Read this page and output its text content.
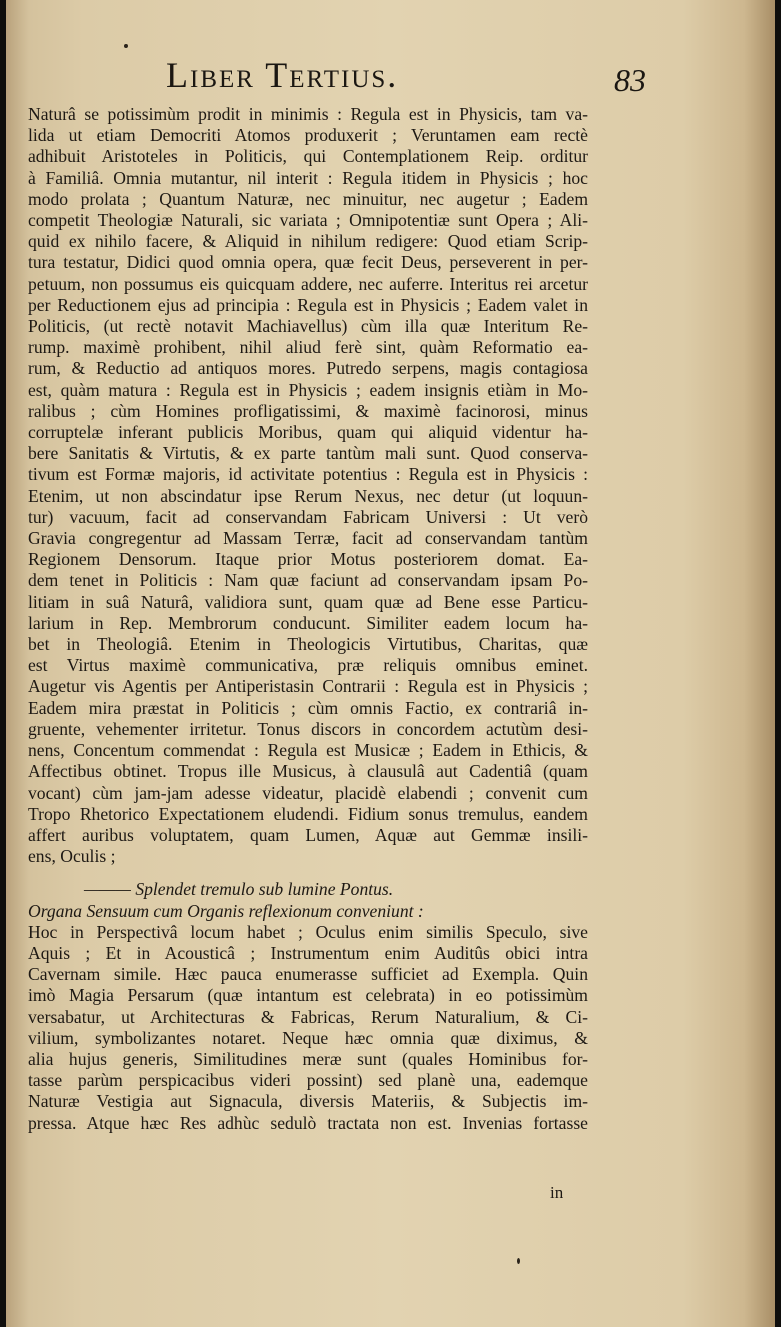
Liber Tertius.	83
Naturâ se potissimùm prodit in minimis : Regula est in Physicis, tam va-
lida ut etiam Democriti Atomos produxerit ; Veruntamen eam rectè
adhibuit Aristoteles in Politicis, qui Contemplationem Reip. orditur
à Familiâ. Omnia mutantur, nil interit : Regula itidem in Physicis ; hoc
modo prolata ; Quantum Naturæ, nec minuitur, nec augetur ; Eadem
competit Theologiæ Naturali, sic variata ; Omnipotentiæ sunt Opera ; Ali-
quid ex nihilo facere, & Aliquid in nihilum redigere: Quod etiam Scrip-
tura testatur, Didici quod omnia opera, quæ fecit Deus, perseverent in per-
petuum, non possumus eis quicquam addere, nec auferre. Interitus rei arcetur
per Reductionem ejus ad principia : Regula est in Physicis ; Eadem valet in
Politicis, (ut rectè notavit Machiavellus) cùm illa quæ Interitum Re-
rump. maximè prohibent, nihil aliud ferè sint, quàm Reformatio ea-
rum, & Reductio ad antiquos mores. Putredo serpens, magis contagiosa
est, quàm matura : Regula est in Physicis ; eadem insignis etiàm in Mo-
ralibus ; cùm Homines profligatissimi, & maximè facinorosi, minus
corruptelæ inferant publicis Moribus, quam qui aliquid videntur ha-
bere Sanitatis & Virtutis, & ex parte tantùm mali sunt. Quod conserva-
tivum est Formæ majoris, id activitate potentius : Regula est in Physicis :
Etenim, ut non abscindatur ipse Rerum Nexus, nec detur (ut loquun-
tur) vacuum, facit ad conservandam Fabricam Universi : Ut verò
Gravia congregentur ad Massam Terræ, facit ad conservandam tantùm
Regionem Densorum. Itaque prior Motus posteriorem domat. Ea-
dem tenet in Politicis : Nam quæ faciunt ad conservandam ipsam Po-
litiam in suâ Naturâ, validiora sunt, quam quæ ad Bene esse Particu-
larium in Rep. Membrorum conducunt. Similiter eadem locum ha-
bet in Theologiâ. Etenim in Theologicis Virtutibus, Charitas, quæ
est Virtus maximè communicativa, præ reliquis omnibus eminet.
Augetur vis Agentis per Antiperistasin Contrarii : Regula est in Physicis ;
Eadem mira præstat in Politicis ; cùm omnis Factio, ex contrariâ in-
gruente, vehementer irritetur. Tonus discors in concordem actutùm desi-
nens, Concentum commendat : Regula est Musicæ ; Eadem in Ethicis, &
Affectibus obtinet. Tropus ille Musicus, à clausulâ aut Cadentiâ (quam
vocant) cùm jam-jam adesse videatur, placidè elabendi ; convenit cum
Tropo Rhetorico Expectationem eludendi. Fidium sonus tremulus, eandem
affert auribus voluptatem, quam Lumen, Aquæ aut Gemmæ insili-
ens, Oculis ;
——— Splendet tremulo sub lumine Pontus.
Organa Sensuum cum Organis reflexionum conveniunt :
Hoc in Perspectivâ locum habet ; Oculus enim similis Speculo, sive
Aquis ; Et in Acousticâ ; Instrumentum enim Auditûs obici intra
Cavernam simile. Hæc pauca enumerasse sufficiet ad Exempla. Quin
imò Magia Persarum (quæ intantum est celebrata) in eo potissimùm
versabatur, ut Architecturas & Fabricas, Rerum Naturalium, & Ci-
vilium, symbolizantes notaret. Neque hæc omnia quæ diximus, &
alia hujus generis, Similitudines meræ sunt (quales Hominibus for-
tasse parùm perspicacibus videri possint) sed planè una, eademque
Naturæ Vestigia aut Signacula, diversis Materiis, & Subjectis im-
pressa. Atque hæc Res adhùc sedulò tractata non est. Invenias fortasse
in
